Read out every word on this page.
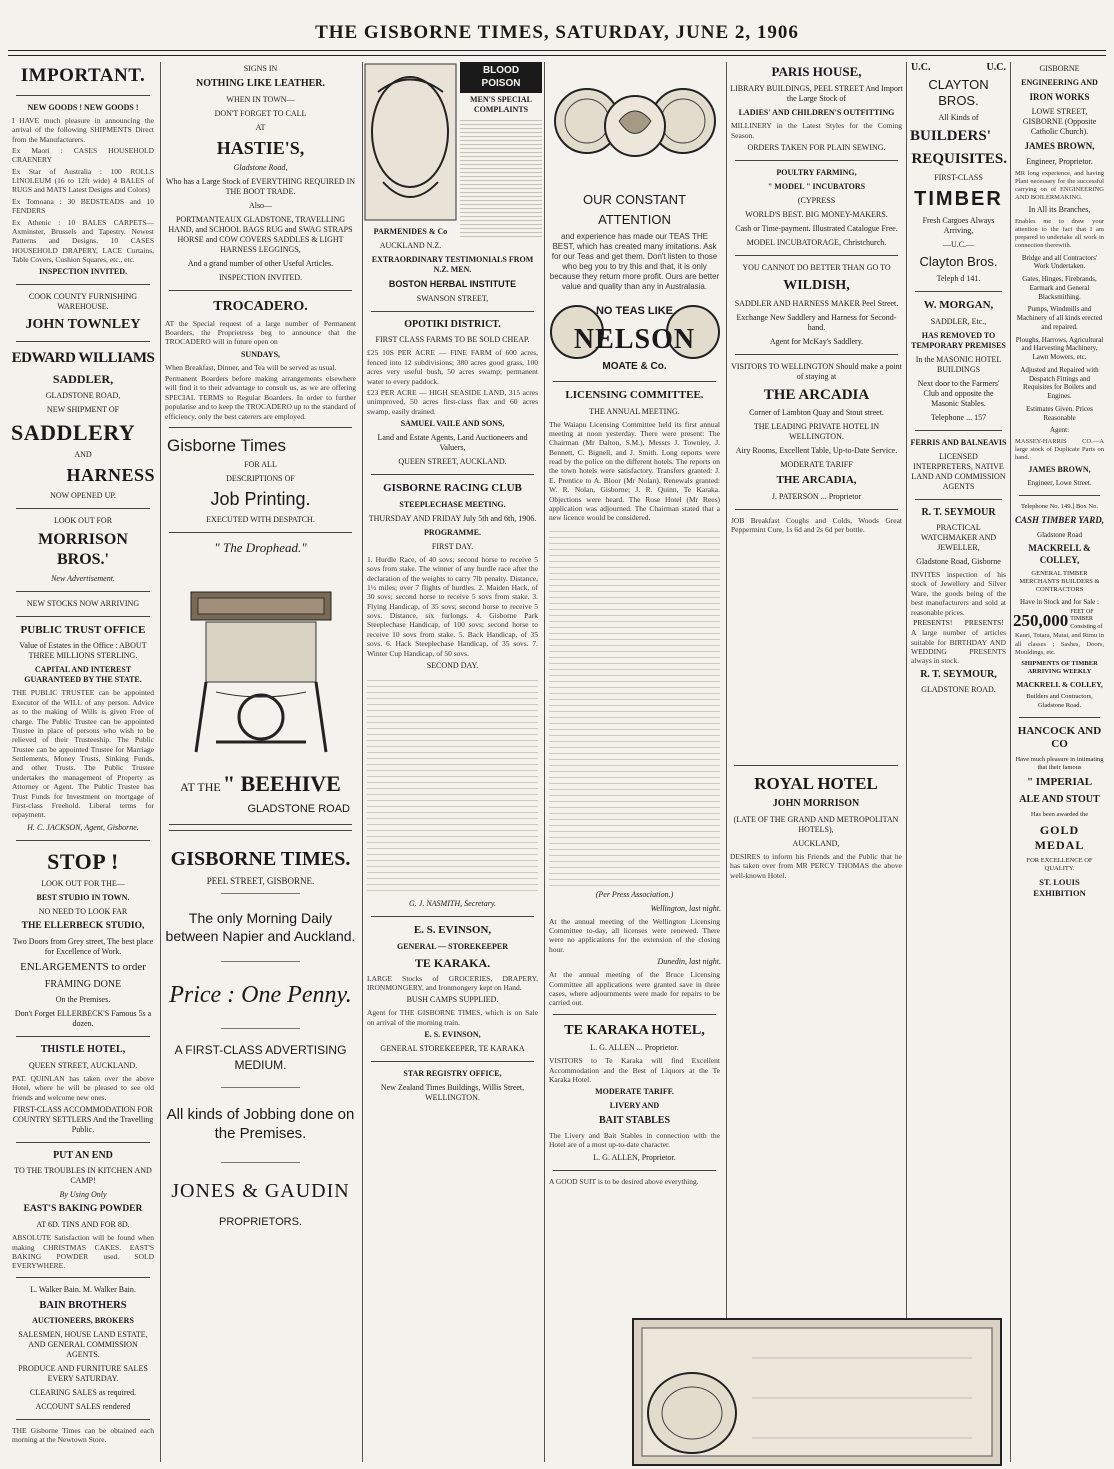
THE GISBORNE TIMES, SATURDAY, JUNE 2, 1906
IMPORTANT.
NEW GOODS ! NEW GOODS !
I HAVE much pleasure in announcing the arrival of the following SHIPMENTS Direct from the Manufacturers.
Ex Maori : CASES HOUSEHOLD CRAENERY
Ex Star of Australia : 100 ROLLS LINOLEUM (16 to 12ft wide) 4 BALES of RUGS and MATS Latest Designs and Colors)
Ex Tomoana : 30 BEDSTEADS and 10 FENDERS
Ex Athenic : 10 BALES CARPETS—Axminster, Brussels and Tapestry. Newest Patterns and Designs. 10 CASES HOUSEHOLD DRAPERY, LACE Curtains, Table Covers, Cushion Squares, etc., etc.
INSPECTION INVITED.
COOK COUNTY FURNISHING WAREHOUSE.
JOHN TOWNLEY
EDWARD WILLIAMS
SADDLER,
GLADSTONE ROAD,
NEW SHIPMENT OF
SADDLERY
AND
HARNESS
NOW OPENED UP.
LOOK OUT FOR
MORRISON BROS.'
New Advertisement.
NEW STOCKS NOW ARRIVING
PUBLIC TRUST OFFICE
Value of Estates in the Office : ABOUT THREE MILLIONS STERLING.
CAPITAL AND INTEREST GUARANTEED BY THE STATE.
THE PUBLIC TRUSTEE can be appointed Executor of the WILL of any person. Advice as to the making of Wills is given Free of charge. The Public Trustee can be appointed Trustee in place of persons who wish to be relieved of their Trusteeship. The Public Trustee can be appointed Trustee for Marriage Settlements, Money Trusts, Sinking Funds, and other Trusts. The Public Trustee undertakes the management of Property as Attorney or Agent. The Public Trustee has Trust Funds for Investment on mortgage of First-class Freehold. Liberal terms for repayment.
H. C. JACKSON, Agent, Gisborne.
STOP !
LOOK OUT FOR THE—
BEST STUDIO IN TOWN.
NO NEED TO LOOK FAR
THE ELLERBECK STUDIO,
Two Doors from Grey street, The best place for Excellence of Work.
ENLARGEMENTS to order
FRAMING DONE
On the Premises.
Don't Forget ELLERBECK'S Famous 5s a dozen.
THISTLE HOTEL,
QUEEN STREET, AUCKLAND.
PAT. QUINLAN has taken over the above Hotel, where he will be pleased to see old friends and welcome new ones.
FIRST-CLASS ACCOMMODATION FOR COUNTRY SETTLERS And the Travelling Public.
PUT AN END
TO THE TROUBLES IN KITCHEN AND CAMP!
By Using Only
EAST'S BAKING POWDER
AT 6D. TINS AND FOR 8D.
ABSOLUTE Satisfaction will be found when making CHRISTMAS CAKES. EAST'S BAKING POWDER used. SOLD EVERYWHERE.
L. Walker Bain. M. Walker Bain.
BAIN BROTHERS
AUCTIONEERS, BROKERS
SALESMEN, HOUSE LAND ESTATE, AND GENERAL COMMISSION AGENTS.
PRODUCE AND FURNITURE SALES EVERY SATURDAY.
CLEARING SALES as required.
ACCOUNT SALES rendered
THE Gisborne Times can be obtained each morning at the Newtown Store.
SIGNS IN
NOTHING LIKE LEATHER.
WHEN IN TOWN—
DON'T FORGET TO CALL
AT
HASTIE'S,
Gladstone Road,
Who has a Large Stock of EVERYTHING REQUIRED IN THE BOOT TRADE.
Also—
PORTMANTEAUX GLADSTONE, TRAVELLING HAND, and SCHOOL BAGS RUG and SWAG STRAPS HORSE and COW COVERS SADDLES & LIGHT HARNESS LEGGINGS,
And a grand number of other Useful Articles.
INSPECTION INVITED.
TROCADERO.
AT the Special request of a large number of Permanent Boarders, the Proprietress beg to announce that the TROCADERO will in future open on
SUNDAYS,
When Breakfast, Dinner, and Tea will be served as usual.
Permanent Boarders before making arrangements elsewhere will find it to their advantage to consult us, as we are offering SPECIAL TERMS to Regular Boarders. In order to further popularise and to keep the TROCADERO up to the standard of efficiency, only the best caterers are employed.
Gisborne Times
FOR ALL
DESCRIPTIONS OF
Job Printing.
EXECUTED WITH DESPATCH.
" The Drophead."
AT THE " BEEHIVE
GLADSTONE ROAD
GISBORNE TIMES.
PEEL STREET, GISBORNE.
The only Morning Daily between Napier and Auckland.
Price : One Penny.
A FIRST-CLASS ADVERTISING MEDIUM.
All kinds of Jobbing done on the Premises.
JONES & GAUDIN
PROPRIETORS.
PARMENIDES & Co
AUCKLAND N.Z.
BLOOD POISON
MEN'S SPECIAL COMPLAINTS
EXTRAORDINARY TESTIMONIALS FROM N.Z. MEN.
BOSTON HERBAL INSTITUTE
SWANSON STREET,
OPOTIKI DISTRICT.
FIRST CLASS FARMS TO BE SOLD CHEAP.
£25 10S PER ACRE — FINE FARM of 600 acres, fenced into 12 subdivisions; 380 acres good grass, 100 acres very useful bush, 50 acres swamp; permanent water to every paddock.
£23 PER ACRE — HIGH SEASIDE LAND, 315 acres unimproved, 50 acres first-class flax and 60 acres swamp, easily drained.
SAMUEL VAILE AND SONS,
Land and Estate Agents, Land Auctioneers and Valuers,
QUEEN STREET, AUCKLAND.
GISBORNE RACING CLUB
STEEPLECHASE MEETING.
THURSDAY AND FRIDAY July 5th and 6th, 1906.
PROGRAMME.
FIRST DAY.
1. Hurdle Race, of 40 sovs; second horse to receive 5 sovs from stake. The winner of any hurdle race after the declaration of the weights to carry 7lb penalty. Distance, 1½ miles; over 7 flights of hurdles. 2. Maiden Hack, of 30 sovs; second horse to receive 5 sovs from stake. 3. Flying Handicap, of 35 sovs; second horse to receive 5 sovs. Distance, six furlongs. 4. Gisborne Park Steeplechase Handicap, of 100 sovs; second horse to receive 10 sovs from stake. 5. Back Handicap, of 35 sovs. 6. Hack Steeplechase Handicap, of 35 sovs. 7. Winter Cup Handicap, of 50 sovs.
SECOND DAY.
G. J. NASMITH, Secretary.
E. S. EVINSON,
GENERAL — STOREKEEPER
TE KARAKA.
LARGE Stocks of GROCERIES, DRAPERY, IRONMONGERY, and Ironmongery kept on Hand.
BUSH CAMPS SUPPLIED.
Agent for THE GISBORNE TIMES, which is on Sale on arrival of the morning train.
E. S. EVINSON,
GENERAL STOREKEEPER, TE KARAKA
STAR REGISTRY OFFICE,
New Zealand Times Buildings, Willis Street, WELLINGTON.
OUR CONSTANT
ATTENTION
and experience has made our TEAS THE BEST, which has created many imitations. Ask for our Teas and get them. Don't listen to those who beg you to try this and that, it is only because they return more profit. Ours are better value and quality than any in Australasia.
NO TEAS LIKE
NELSON
MOATE & Co.
LICENSING COMMITTEE.
THE ANNUAL MEETING.
The Waiapu Licensing Committee held its first annual meeting at noon yesterday. There were present: The Chairman (Mr Dalton, S.M.), Messrs J. Townley, J. Bennett, C. Bignell, and J. Smith. Long reports were read by the police on the different hotels. The reports on the town hotels were satisfactory. Transfers granted: J. E. Prentice to A. Bloor (Mr Nolan). Renewals granted: W. R. Nolan, Gisborne; J. R. Quinn, Te Karaka. Objections were heard. The Rose Hotel (Mr Rees) application was adjourned. The Chairman stated that a new licence would be considered.
(Per Press Association.)
Wellington, last night.
At the annual meeting of the Wellington Licensing Committee to-day, all licenses were renewed. There were no applications for the extension of the closing hour.
Dunedin, last night.
At the annual meeting of the Bruce Licensing Committee all applications were granted save in three cases, where adjournments were made for repairs to be carried out.
TE KARAKA HOTEL,
L. G. ALLEN ... Proprietor.
VISITORS to Te Karaka will find Excellent Accommodation and the Best of Liquors at the Te Karaka Hotel.
MODERATE TARIFF.
LIVERY AND
BAIT STABLES
The Livery and Bait Stables in connection with the Hotel are of a most up-to-date character.
L. G. ALLEN, Proprietor.
A GOOD SUIT is to be desired above everything.
PARIS HOUSE,
LIBRARY BUILDINGS, PEEL STREET And Import the Large Stock of
LADIES' AND CHILDREN'S OUTFITTING
MILLINERY in the Latest Styles for the Coming Season.
ORDERS TAKEN FOR PLAIN SEWING.
POULTRY FARMING,
" MODEL " INCUBATORS
(CYPRESS
WORLD'S BEST. BIG MONEY-MAKERS.
Cash or Time-payment. Illustrated Catalogue Free.
MODEL INCUBATORAGE, Christchurch.
YOU CANNOT DO BETTER THAN GO TO
WILDISH,
SADDLER AND HARNESS MAKER Peel Street.
Exchange New Saddlery and Harness for Second-hand.
Agent for McKay's Saddlery.
VISITORS TO WELLINGTON Should make a point of staying at
THE ARCADIA
Corner of Lambton Quay and Stout street.
THE LEADING PRIVATE HOTEL IN WELLINGTON.
Airy Rooms, Excellent Table, Up-to-Date Service.
MODERATE TARIFF
THE ARCADIA,
J. PATERSON ... Proprietor
JOB Breakfast Coughs and Colds, Woods Great Peppermint Cure, 1s 6d and 2s 6d per bottle.
U.C.	U.C.
CLAYTON BROS.
All Kinds of
BUILDERS'
REQUISITES.
FIRST-CLASS
TIMBER
Fresh Cargoes Always Arriving,
—U.C.—
Clayton Bros.
Teleph d 141.
W. MORGAN,
SADDLER, Etc.,
HAS REMOVED TO TEMPORARY PREMISES
In the MASONIC HOTEL BUILDINGS
Next door to the Farmers' Club and opposite the Masonic Stables.
Telephone ... 157
FERRIS AND BALNEAVIS
LICENSED INTERPRETERS, NATIVE LAND AND COMMISSION AGENTS
R. T. SEYMOUR
PRACTICAL WATCHMAKER AND JEWELLER,
Gladstone Road, Gisborne
INVITES inspection of his stock of Jewellery and Silver Ware, the goods being of the best manufacturers and sold at reasonable prices.
PRESENTS! PRESENTS!
A large number of articles suitable for BIRTHDAY AND WEDDING PRESENTS always in stock.
R. T. SEYMOUR,
GLADSTONE ROAD.
GISBORNE
ENGINEERING AND
IRON WORKS
LOWE STREET, GISBORNE (Opposite Catholic Church).
JAMES BROWN,
Engineer, Proprietor.
MR long experience, and having Plant necessary for the successful carrying on of ENGINEERING AND BOILERMAKING.
In All its Branches,
Enables me to draw your attention to the fact that I am prepared to undertake all work in connection therewith.
Bridge and all Contractors' Work Undertaken.
Gates, Hinges, Firebrands, Earmark and General Blacksmithing.
Pumps, Windmills and Machinery of all kinds erected and repaired.
Ploughs, Harrows, Agricultural and Harvesting Machinery, Lawn Mowers, etc.
Adjusted and Repaired with Despatch Fittings and Requisites for Boilers and Engines.
Estimates Given. Prices Reasonable
Agent:
MASSEY-HARRIS CO.—A large stock of Duplicate Parts on hand.
JAMES BROWN,
Engineer, Lowe Street.
Telephone No. 149.] Box No.
CASH TIMBER YARD,
Gladstone Road
MACKRELL & COLLEY,
GENERAL TIMBER MERCHANTS BUILDERS & CONTRACTORS
Have in Stock and for Sale :
250,000 FEET OF TIMBER Consisting of
Kauri, Totara, Matai, and Rimu in all classes ; Sashes, Doors, Mouldings, etc.
SHIPMENTS OF TIMBER ARRIVING WEEKLY
MACKRELL & COLLEY,
Builders and Contractors, Gladstone Road.
HANCOCK AND CO
Have much pleasure in intimating that their famous
" IMPERIAL
ALE AND STOUT
Has been awarded the
GOLD MEDAL
FOR EXCELLENCE OF QUALITY.
ST. LOUIS EXHIBITION
ROYAL HOTEL
JOHN MORRISON
(LATE OF THE GRAND AND METROPOLITAN HOTELS),
AUCKLAND,
DESIRES to inform his Friends and the Public that he has taken over from MR PERCY THOMAS the above well-known Hotel.
